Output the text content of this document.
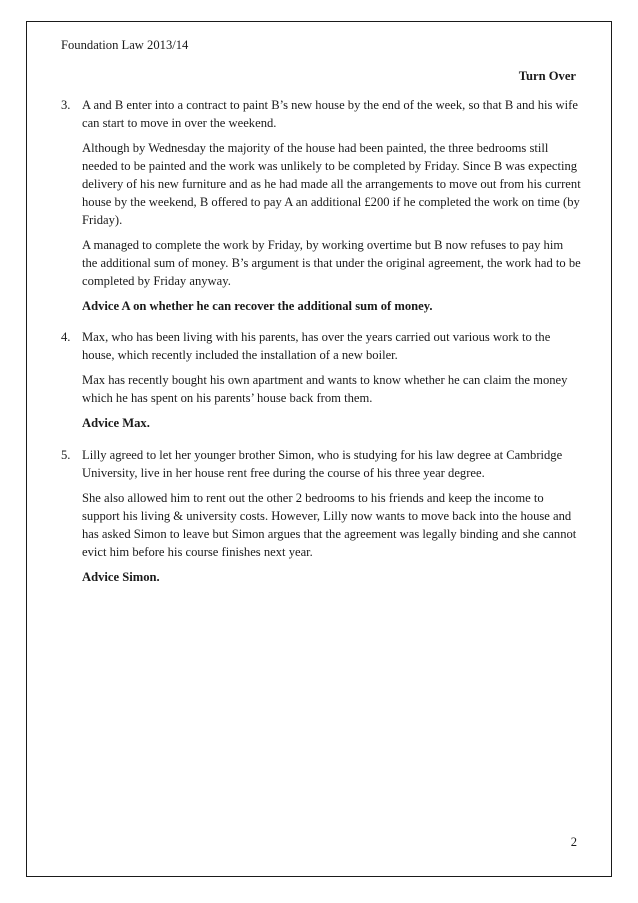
Foundation Law 2013/14
Turn Over
3. A and B enter into a contract to paint B’s new house by the end of the week, so that B and his wife can start to move in over the weekend.

Although by Wednesday the majority of the house had been painted, the three bedrooms still needed to be painted and the work was unlikely to be completed by Friday. Since B was expecting delivery of his new furniture and as he had made all the arrangements to move out from his current house by the weekend, B offered to pay A an additional £200 if he completed the work on time (by Friday).

A managed to complete the work by Friday, by working overtime but B now refuses to pay him the additional sum of money. B’s argument is that under the original agreement, the work had to be completed by Friday anyway.

Advice A on whether he can recover the additional sum of money.

4. Max, who has been living with his parents, has over the years carried out various work to the house, which recently included the installation of a new boiler.

Max has recently bought his own apartment and wants to know whether he can claim the money which he has spent on his parents’ house back from them.

Advice Max.

5. Lilly agreed to let her younger brother Simon, who is studying for his law degree at Cambridge University, live in her house rent free during the course of his three year degree.

She also allowed him to rent out the other 2 bedrooms to his friends and keep the income to support his living & university costs. However, Lilly now wants to move back into the house and has asked Simon to leave but Simon argues that the agreement was legally binding and she cannot evict him before his course finishes next year.

Advice Simon.

2
